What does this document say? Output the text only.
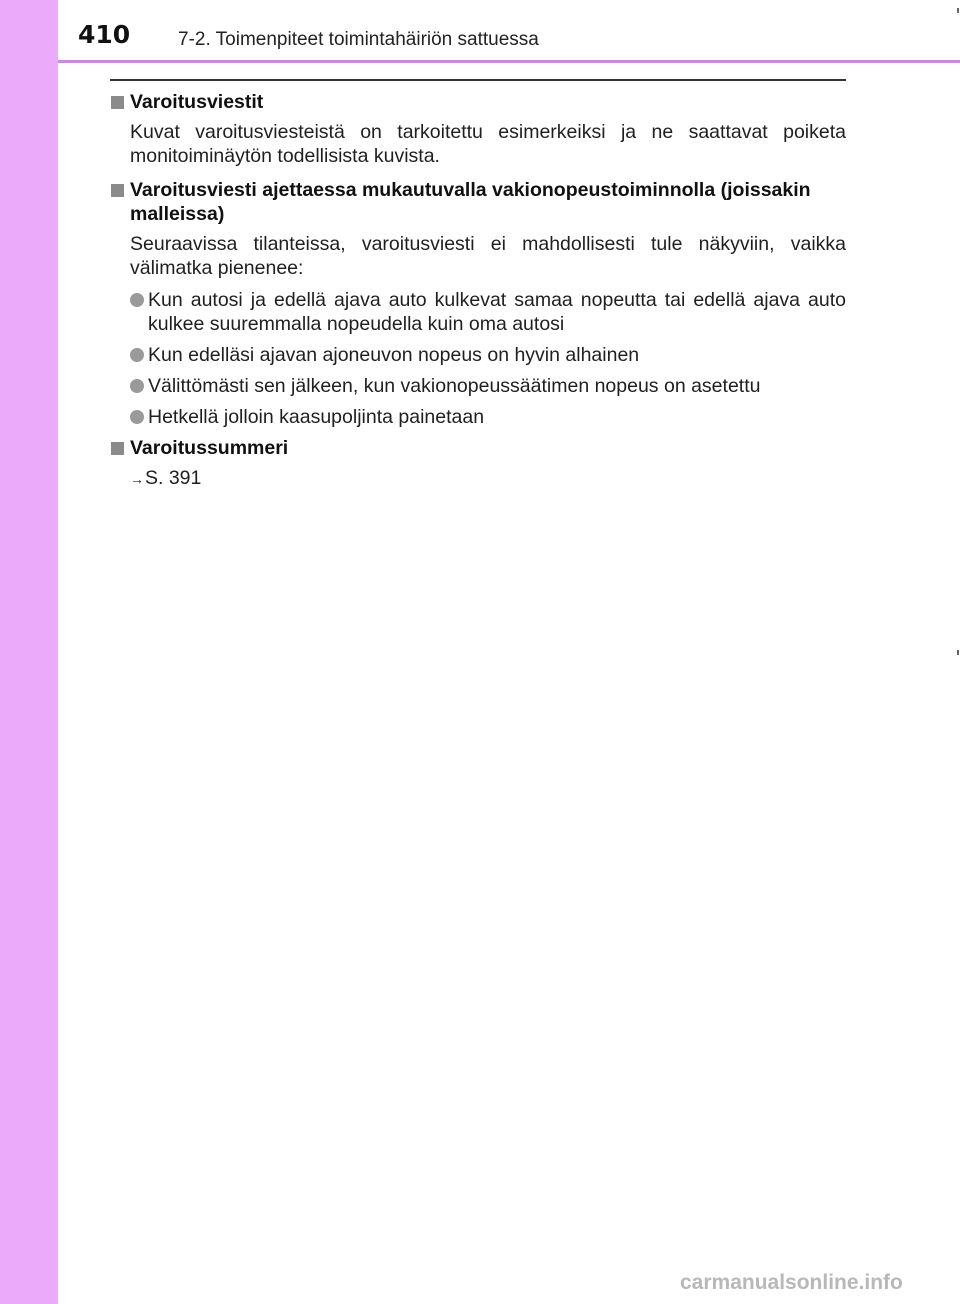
410	7-2. Toimenpiteet toimintahäiriön sattuessa
Varoitusviestit
Kuvat varoitusviesteistä on tarkoitettu esimerkeiksi ja ne saattavat poiketa monitoiminäytön todellisista kuvista.
Varoitusviesti ajettaessa mukautuvalla vakionopeustoiminnolla (joissakin malleissa)
Seuraavissa tilanteissa, varoitusviesti ei mahdollisesti tule näkyviin, vaikka välimatka pienenee:
Kun autosi ja edellä ajava auto kulkevat samaa nopeutta tai edellä ajava auto kulkee suuremmalla nopeudella kuin oma autosi
Kun edelläsi ajavan ajoneuvon nopeus on hyvin alhainen
Välittömästi sen jälkeen, kun vakionopeussäätimen nopeus on asetettu
Hetkellä jolloin kaasupoljinta painetaan
Varoitussummeri
→ S. 391
carmanualsonline.info
